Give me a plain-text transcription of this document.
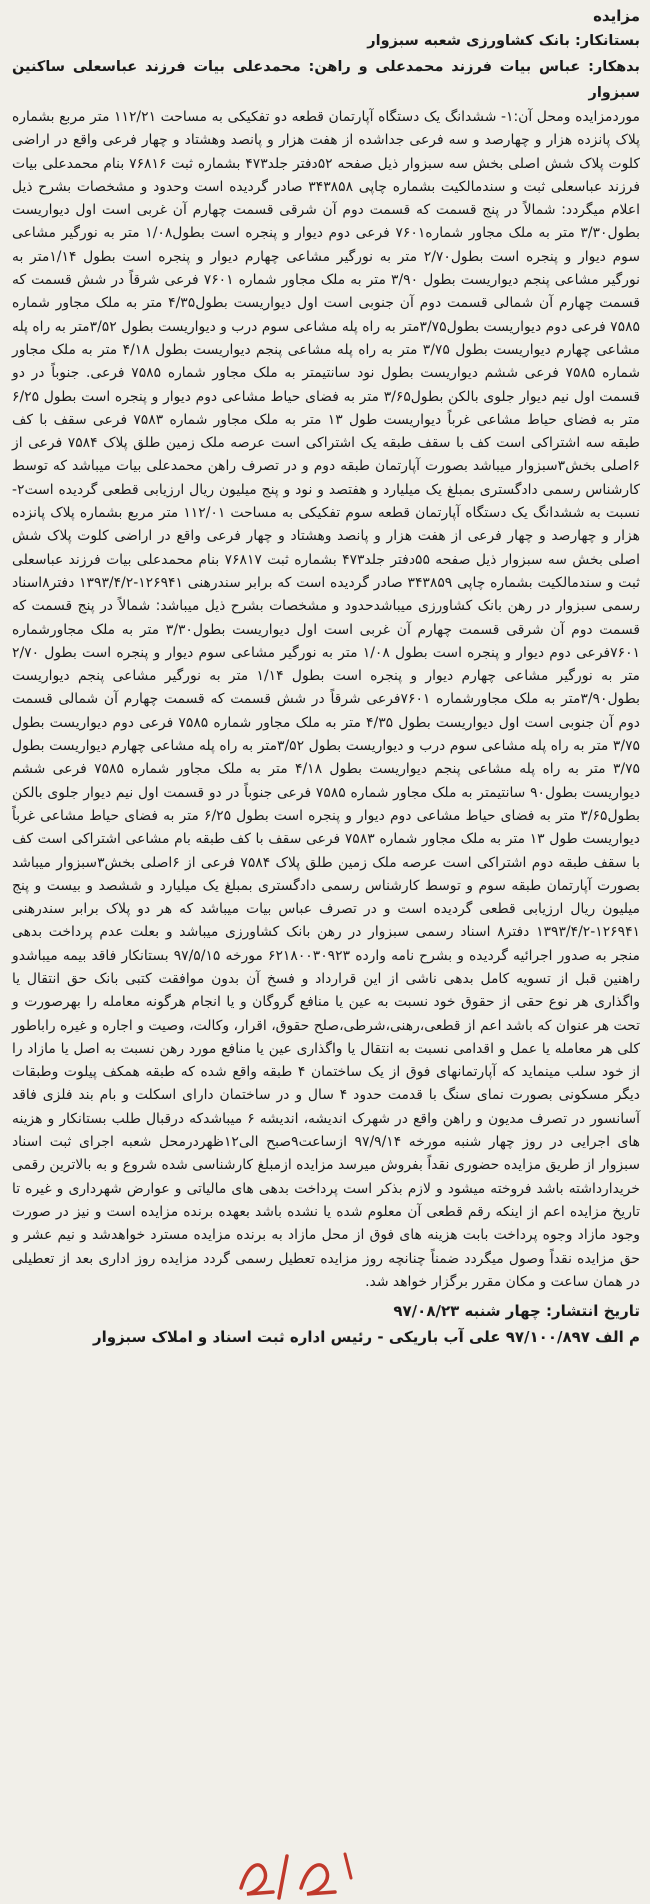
مزایده
بستانکار: بانک کشاورزی شعبه سبزوار
بدهکار: عباس بیات فرزند محمدعلی و راهن: محمدعلی بیات فرزند عباسعلی ساکنین سبزوار

موردمزایده ومحل آن:۱- ششدانگ یک دستگاه آپارتمان قطعه دو تفکیکی به مساحت ۱۱۲/۲۱ متر مربع بشماره پلاک پانزده هزار و چهارصد و سه فرعی جداشده از هفت هزار و پانصد وهشتاد و چهار فرعی واقع در اراضی کلوت پلاک شش اصلی بخش سه سبزوار ذیل صفحه ۵۲دفتر جلد۴۷۳ بشماره ثبت ۷۶۸۱۶ بنام محمدعلی بیات فرزند عباسعلی ثبت و سندمالکیت بشماره چاپی ۳۴۳۸۵۸ صادر گردیده است وحدود و مشخصات بشرح ذیل اعلام میگردد: شمالاً در پنج قسمت که قسمت دوم آن شرقی قسمت چهارم آن غربی است اول دیواریست بطول۳/۳۰ متر به ملک مجاور شماره۷۶۰۱ فرعی دوم دیوار و پنجره است بطول۱/۰۸ متر به نورگیر مشاعی سوم دیوار و پنجره است بطول۲/۷۰ متر به نورگیر مشاعی چهارم دیوار و پنجره است بطول ۱/۱۴متر به نورگیر مشاعی پنجم دیواریست بطول ۳/۹۰ متر به ملک مجاور شماره ۷۶۰۱ فرعی شرقاً در شش قسمت که قسمت چهارم آن شمالی قسمت دوم آن جنوبی است اول دیواریست بطول۴/۳۵ متر به ملک مجاور شماره ۷۵۸۵ فرعی دوم دیواریست بطول۳/۷۵متر به راه پله مشاعی سوم درب و دیواریست بطول ۳/۵۲متر به راه پله مشاعی چهارم دیواریست بطول ۳/۷۵ متر به راه پله مشاعی پنجم دیواریست بطول ۴/۱۸ متر به ملک مجاور شماره ۷۵۸۵ فرعی ششم دیواریست بطول نود سانتیمتر به ملک مجاور شماره ۷۵۸۵ فرعی. جنوباً در دو قسمت اول نیم دیوار جلوی بالکن بطول۳/۶۵ متر به فضای حیاط مشاعی دوم دیوار و پنجره است بطول ۶/۲۵ متر به فضای حیاط مشاعی غرباً دیواریست طول ۱۳ متر به ملک مجاور شماره ۷۵۸۳ فرعی سقف با کف طبقه سه اشتراکی است کف با سقف طبقه یک اشتراکی است عرصه ملک زمین طلق پلاک ۷۵۸۴ فرعی از ۶اصلی بخش۳سبزوار میباشد بصورت آپارتمان طبقه دوم و در تصرف راهن محمدعلی بیات میباشد که توسط کارشناس رسمی دادگستری بمبلغ یک میلیارد و هفتصد و نود و پنج میلیون ریال ارزیابی قطعی گردیده است۲- نسبت به ششدانگ یک دستگاه آپارتمان قطعه سوم تفکیکی به مساحت ۱۱۲/۰۱ متر مربع بشماره پلاک پانزده هزار و چهارصد و چهار فرعی از هفت هزار و پانصد وهشتاد و چهار فرعی واقع در اراضی کلوت پلاک شش اصلی بخش سه سبزوار ذیل صفحه ۵۵دفتر جلد۴۷۳ بشماره ثبت ۷۶۸۱۷ بنام محمدعلی بیات فرزند عباسعلی ثبت و سندمالکیت بشماره چاپی ۳۴۳۸۵۹ صادر گردیده است که برابر سندرهنی ۱۲۶۹۴۱-۱۳۹۳/۴/۲ دفتر۸اسناد رسمی سبزوار در رهن بانک کشاورزی میباشدحدود و مشخصات بشرح ذیل میباشد: شمالاً در پنج قسمت که قسمت دوم آن شرقی قسمت چهارم آن غربی است اول دیواریست بطول۳/۳۰ متر به ملک مجاورشماره ۷۶۰۱فرعی دوم دیوار و پنجره است بطول ۱/۰۸ متر به نورگیر مشاعی سوم دیوار و پنجره است بطول ۲/۷۰ متر به نورگیر مشاعی چهارم دیوار و پنجره است بطول ۱/۱۴ متر به نورگیر مشاعی پنجم دیواریست بطول۳/۹۰متر به ملک مجاورشماره ۷۶۰۱فرعی شرقاً در شش قسمت که قسمت چهارم آن شمالی قسمت دوم آن جنوبی است اول دیواریست بطول ۴/۳۵ متر به ملک مجاور شماره ۷۵۸۵ فرعی دوم دیواریست بطول ۳/۷۵ متر به راه پله مشاعی سوم درب و دیواریست بطول ۳/۵۲متر به راه پله مشاعی چهارم دیواریست بطول ۳/۷۵ متر به راه پله مشاعی پنجم دیواریست بطول ۴/۱۸ متر به ملک مجاور شماره ۷۵۸۵ فرعی ششم دیواریست بطول۹۰ سانتیمتر به ملک مجاور شماره ۷۵۸۵ فرعی جنوباً در دو قسمت اول نیم دیوار جلوی بالکن بطول۳/۶۵ متر به فضای حیاط مشاعی دوم دیوار و پنجره است بطول ۶/۲۵ متر به فضای حیاط مشاعی غرباً دیواریست طول ۱۳ متر به ملک مجاور شماره ۷۵۸۳ فرعی سقف با کف طبقه بام مشاعی اشتراکی است کف با سقف طبقه دوم اشتراکی است عرصه ملک زمین طلق پلاک ۷۵۸۴ فرعی از ۶اصلی بخش۳سبزوار میباشد بصورت آپارتمان طبقه سوم و توسط کارشناس رسمی دادگستری بمبلغ یک میلیارد و ششصد و بیست و پنج میلیون ریال ارزیابی قطعی گردیده است و در تصرف عباس بیات میباشد که هر دو پلاک برابر سندرهنی ۱۲۶۹۴۱-۱۳۹۳/۴/۲ دفتر۸ اسناد رسمی سبزوار در رهن بانک کشاورزی میباشد و بعلت عدم پرداخت بدهی منجر به صدور اجرائیه گردیده و بشرح نامه وارده ۶۲۱۸۰۰۳۰۹۲۳ مورخه ۹۷/۵/۱۵ بستانکار فاقد بیمه میباشدو راهنین قبل از تسویه کامل بدهی ناشی از این قرارداد و فسخ آن بدون موافقت کتبی بانک حق انتقال یا واگذاری هر نوع حقی از حقوق خود نسبت به عین یا منافع گروگان و یا انجام هرگونه معامله را بهرصورت و تحت هر عنوان که باشد اعم از قطعی،رهنی،شرطی،صلح حقوق، اقرار، وکالت، وصیت و اجاره و غیره راباطور کلی هر معامله یا عمل و اقدامی نسبت به انتقال یا واگذاری عین یا منافع مورد رهن نسبت به اصل یا مازاد را از خود سلب مینماید که آپارتمانهای فوق از یک ساختمان ۴ طبقه واقع شده که طبقه همکف پیلوت وطبقات دیگر مسکونی بصورت نمای سنگ با قدمت حدود ۴ سال و در ساختمان دارای اسکلت و بام بند فلزی فاقد آسانسور در تصرف مدیون و راهن واقع در شهرک اندیشه، اندیشه ۶ میباشدکه درقبال طلب بستانکار و هزینه های اجرایی در روز چهار شنبه مورخه ۹۷/۹/۱۴ ازساعت۹صبح الی۱۲ظهردرمحل شعبه اجرای ثبت اسناد سبزوار از طریق مزایده حضوری نقداً بفروش میرسد مزایده ازمبلغ کارشناسی شده شروع و به بالاترین رقمی خریدارداشته باشد فروخته میشود و لازم بذکر است پرداخت بدهی های مالیاتی و عوارض شهرداری و غیره تا تاریخ مزایده اعم از اینکه رقم قطعی آن معلوم شده یا نشده باشد بعهده برنده مزایده است و نیز در صورت وجود مازاد وجوه پرداخت بابت هزینه های فوق از محل مازاد به برنده مزایده مسترد خواهدشد و نیم عشر و حق مزایده نقداً وصول میگردد ضمناً چنانچه روز مزایده تعطیل رسمی گردد مزایده روز اداری بعد از تعطیلی در همان ساعت و مکان مقرر برگزار خواهد شد.

تاریخ انتشار: چهار شنبه ۹۷/۰۸/۲۳
م الف ۹۷/۱۰۰/۸۹۷ علی آب باریکی - رئیس اداره ثبت اسناد و املاک سبزوار
